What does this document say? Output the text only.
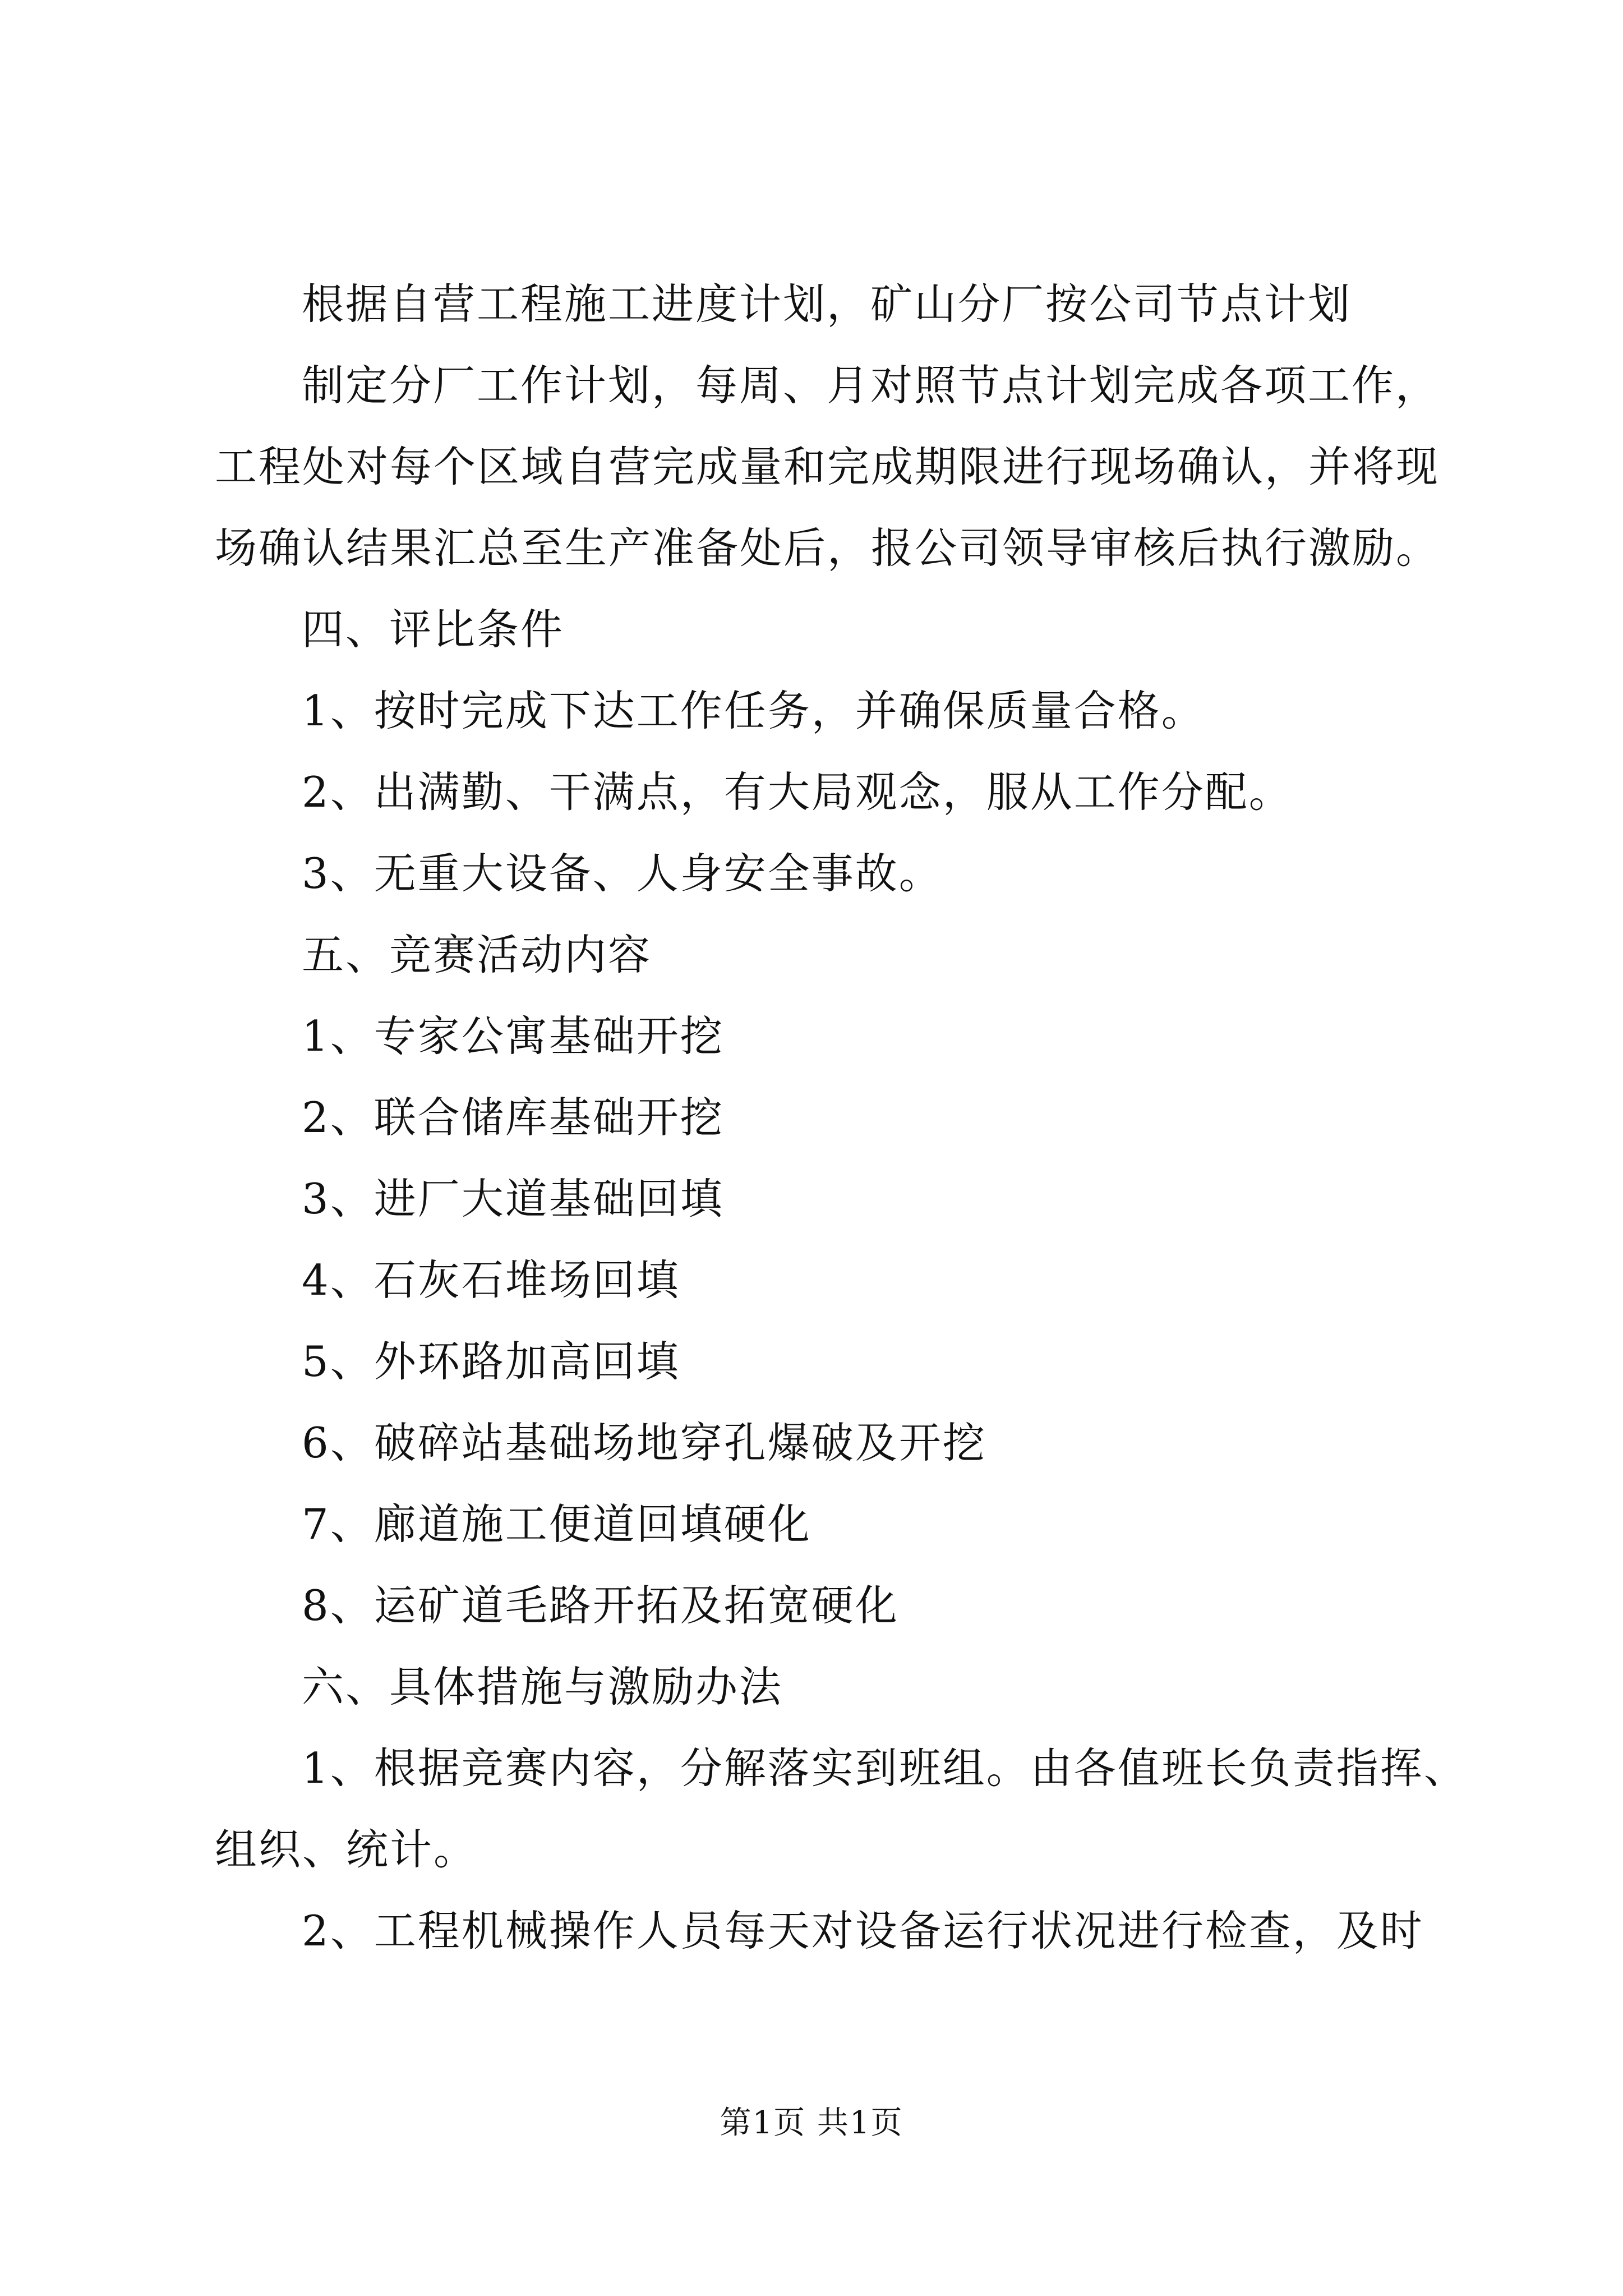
根据自营工程施工进度计划，矿山分厂按公司节点计划

制定分厂工作计划，每周、月对照节点计划完成各项工作，

工程处对每个区域自营完成量和完成期限进行现场确认，并将现

场确认结果汇总至生产准备处后，报公司领导审核后执行激励。

四、评比条件

1、按时完成下达工作任务，并确保质量合格。

2、出满勤、干满点，有大局观念，服从工作分配。

3、无重大设备、人身安全事故。

五、竞赛活动内容

1、专家公寓基础开挖

2、联合储库基础开挖

3、进厂大道基础回填

4、石灰石堆场回填

5、外环路加高回填

6、破碎站基础场地穿孔爆破及开挖

7、廊道施工便道回填硬化

8、运矿道毛路开拓及拓宽硬化

六、具体措施与激励办法

1、根据竞赛内容，分解落实到班组。由各值班长负责指挥、

组织、统计。

2、工程机械操作人员每天对设备运行状况进行检查，及时

第1页 共1页
